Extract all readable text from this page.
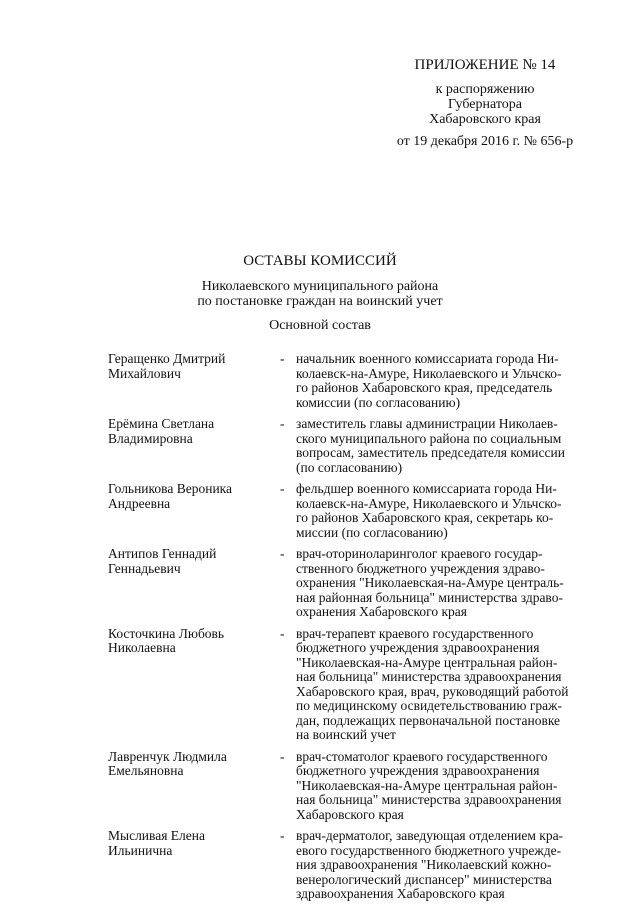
ПРИЛОЖЕНИЕ № 14
к распоряжению
Губернатора
Хабаровского края
от 19 декабря 2016 г. № 656-р
ОСТАВЫ КОМИССИЙ
Николаевского муниципального района
по постановке граждан на воинский учет
Основной состав
Геращенко Дмитрий
Михайлович
- начальник военного комиссариата города Ни-
колаевск-на-Амуре, Николаевского и Ульчско-
го районов Хабаровского края, председатель
комиссии (по согласованию)
Ерёмина Светлана
Владимировна
- заместитель главы администрации Николаев-
ского муниципального района по социальным
вопросам, заместитель председателя комиссии
(по согласованию)
Гольникова Вероника
Андреевна
- фельдшер военного комиссариата города Ни-
колаевск-на-Амуре, Николаевского и Ульчско-
го районов Хабаровского края, секретарь ко-
миссии (по согласованию)
Антипов Геннадий
Геннадьевич
- врач-оториноларинголог краевого государ-
ственного бюджетного учреждения здраво-
охранения "Николаевская-на-Амуре централь-
ная районная больница" министерства здраво-
охранения Хабаровского края
Косточкина Любовь
Николаевна
- врач-терапевт краевого государственного
бюджетного учреждения здравоохранения
"Николаевская-на-Амуре центральная район-
ная больница" министерства здравоохранения
Хабаровского края, врач, руководящий работой
по медицинскому освидетельствованию граж-
дан, подлежащих первоначальной постановке
на воинский учет
Лавренчук Людмила
Емельяновна
- врач-стоматолог краевого государственного
бюджетного учреждения здравоохранения
"Николаевская-на-Амуре центральная район-
ная больница" министерства здравоохранения
Хабаровского края
Мысливая Елена
Ильинична
- врач-дерматолог, заведующая отделением кра-
евого государственного бюджетного учрежде-
ния здравоохранения "Николаевский кожно-
венерологический диспансер" министерства
здравоохранения Хабаровского края
